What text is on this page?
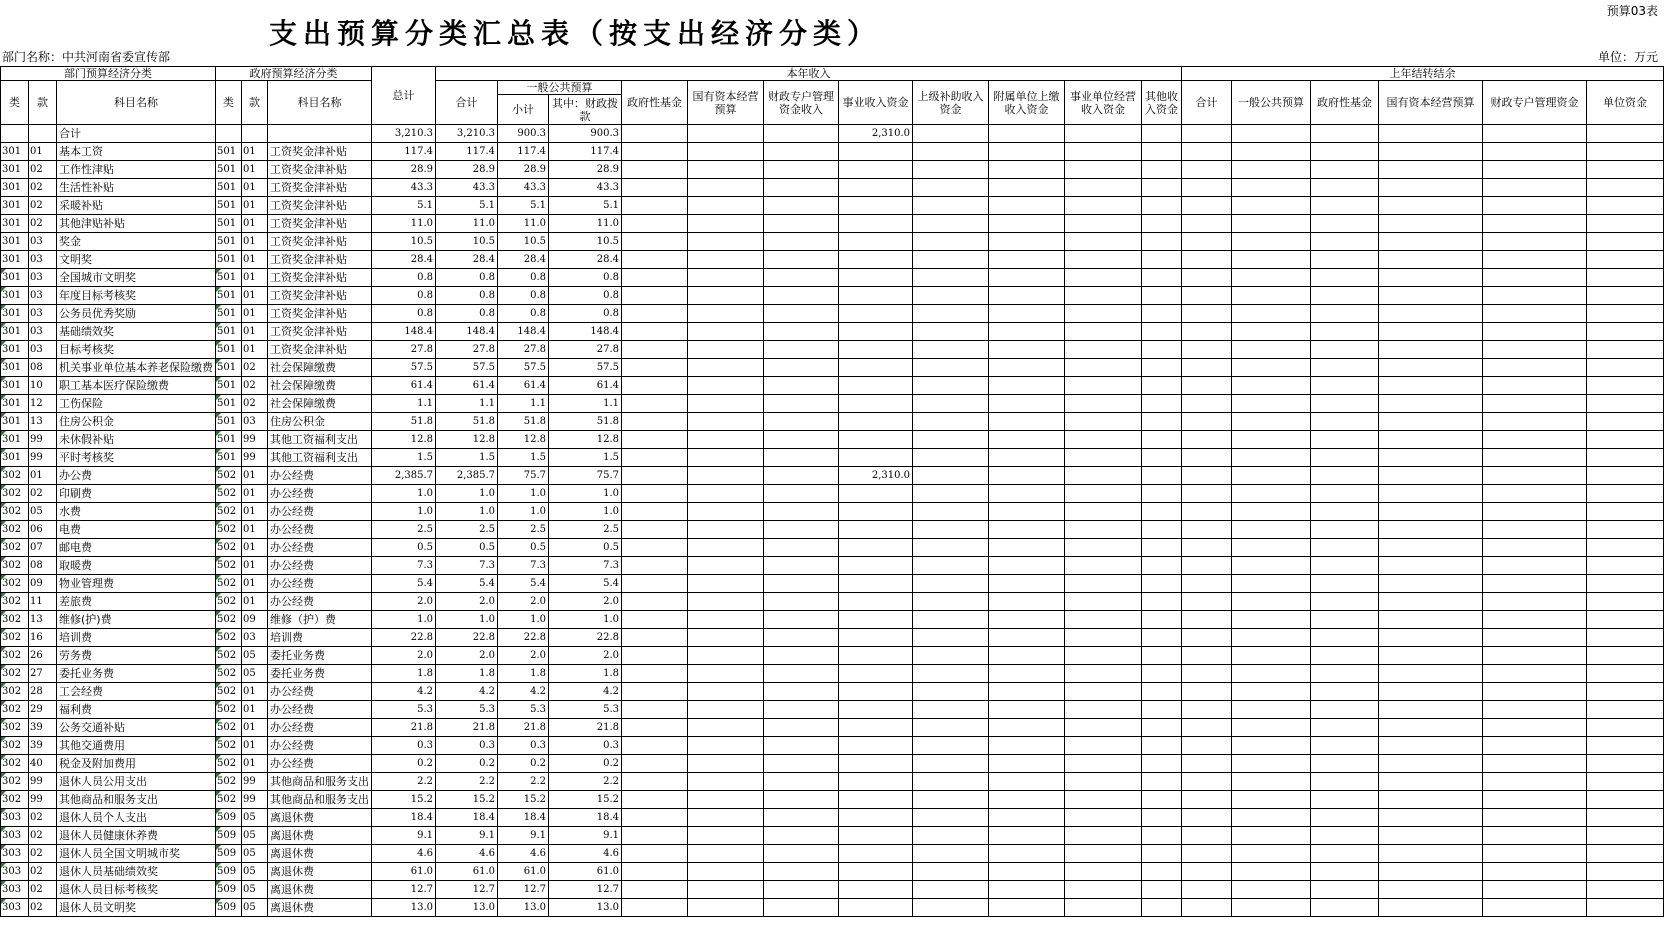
预算03表
支出预算分类汇总表（按支出经济分类）
部门名称：中共河南省委宣传部	单位：万元
部门预算经济分类			政府预算经济分类			总计	本年收入											上年结转结余					
类	款	科目名称	类	款	科目名称		合计	一般公共预算		政府性基金	国有资本经营预算	财政专户管理资金收入	事业收入资金	上级补助收入资金	附属单位上缴收入资金	事业单位经营收入资金	其他收入资金	合计	一般公共预算	政府性基金	国有资本经营预算	财政专户管理资金	单位资金
								小计	其中：财政拨款														
		合计				3,210.3	3,210.3	900.3	900.3				2,310.0										
301	01	基本工资	501	01	工资奖金津补贴	117.4	117.4	117.4	117.4														
301	02	工作性津贴	501	01	工资奖金津补贴	28.9	28.9	28.9	28.9														
301	02	生活性补贴	501	01	工资奖金津补贴	43.3	43.3	43.3	43.3														
301	02	采暖补贴	501	01	工资奖金津补贴	5.1	5.1	5.1	5.1														
301	02	其他津贴补贴	501	01	工资奖金津补贴	11.0	11.0	11.0	11.0														
301	03	奖金	501	01	工资奖金津补贴	10.5	10.5	10.5	10.5														
301	03	文明奖	501	01	工资奖金津补贴	28.4	28.4	28.4	28.4														
301	03	全国城市文明奖	501	01	工资奖金津补贴	0.8	0.8	0.8	0.8														
301	03	年度目标考核奖	501	01	工资奖金津补贴	0.8	0.8	0.8	0.8														
301	03	公务员优秀奖励	501	01	工资奖金津补贴	0.8	0.8	0.8	0.8														
301	03	基础绩效奖	501	01	工资奖金津补贴	148.4	148.4	148.4	148.4														
301	03	目标考核奖	501	01	工资奖金津补贴	27.8	27.8	27.8	27.8														
301	08	机关事业单位基本养老保险缴费	501	02	社会保障缴费	57.5	57.5	57.5	57.5														
301	10	职工基本医疗保险缴费	501	02	社会保障缴费	61.4	61.4	61.4	61.4														
301	12	工伤保险	501	02	社会保障缴费	1.1	1.1	1.1	1.1														
301	13	住房公积金	501	03	住房公积金	51.8	51.8	51.8	51.8														
301	99	未休假补贴	501	99	其他工资福利支出	12.8	12.8	12.8	12.8														
301	99	平时考核奖	501	99	其他工资福利支出	1.5	1.5	1.5	1.5														
302	01	办公费	502	01	办公经费	2,385.7	2,385.7	75.7	75.7				2,310.0										
302	02	印刷费	502	01	办公经费	1.0	1.0	1.0	1.0														
302	05	水费	502	01	办公经费	1.0	1.0	1.0	1.0														
302	06	电费	502	01	办公经费	2.5	2.5	2.5	2.5														
302	07	邮电费	502	01	办公经费	0.5	0.5	0.5	0.5														
302	08	取暖费	502	01	办公经费	7.3	7.3	7.3	7.3														
302	09	物业管理费	502	01	办公经费	5.4	5.4	5.4	5.4														
302	11	差旅费	502	01	办公经费	2.0	2.0	2.0	2.0														
302	13	维修(护)费	502	09	维修（护）费	1.0	1.0	1.0	1.0														
302	16	培训费	502	03	培训费	22.8	22.8	22.8	22.8														
302	26	劳务费	502	05	委托业务费	2.0	2.0	2.0	2.0														
302	27	委托业务费	502	05	委托业务费	1.8	1.8	1.8	1.8														
302	28	工会经费	502	01	办公经费	4.2	4.2	4.2	4.2														
302	29	福利费	502	01	办公经费	5.3	5.3	5.3	5.3														
302	39	公务交通补贴	502	01	办公经费	21.8	21.8	21.8	21.8														
302	39	其他交通费用	502	01	办公经费	0.3	0.3	0.3	0.3														
302	40	税金及附加费用	502	01	办公经费	0.2	0.2	0.2	0.2														
302	99	退休人员公用支出	502	99	其他商品和服务支出	2.2	2.2	2.2	2.2														
302	99	其他商品和服务支出	502	99	其他商品和服务支出	15.2	15.2	15.2	15.2														
303	02	退休人员个人支出	509	05	离退休费	18.4	18.4	18.4	18.4														
303	02	退休人员健康休养费	509	05	离退休费	9.1	9.1	9.1	9.1														
303	02	退休人员全国文明城市奖	509	05	离退休费	4.6	4.6	4.6	4.6														
303	02	退休人员基础绩效奖	509	05	离退休费	61.0	61.0	61.0	61.0														
303	02	退休人员目标考核奖	509	05	离退休费	12.7	12.7	12.7	12.7														
303	02	退休人员文明奖	509	05	离退休费	13.0	13.0	13.0	13.0														
